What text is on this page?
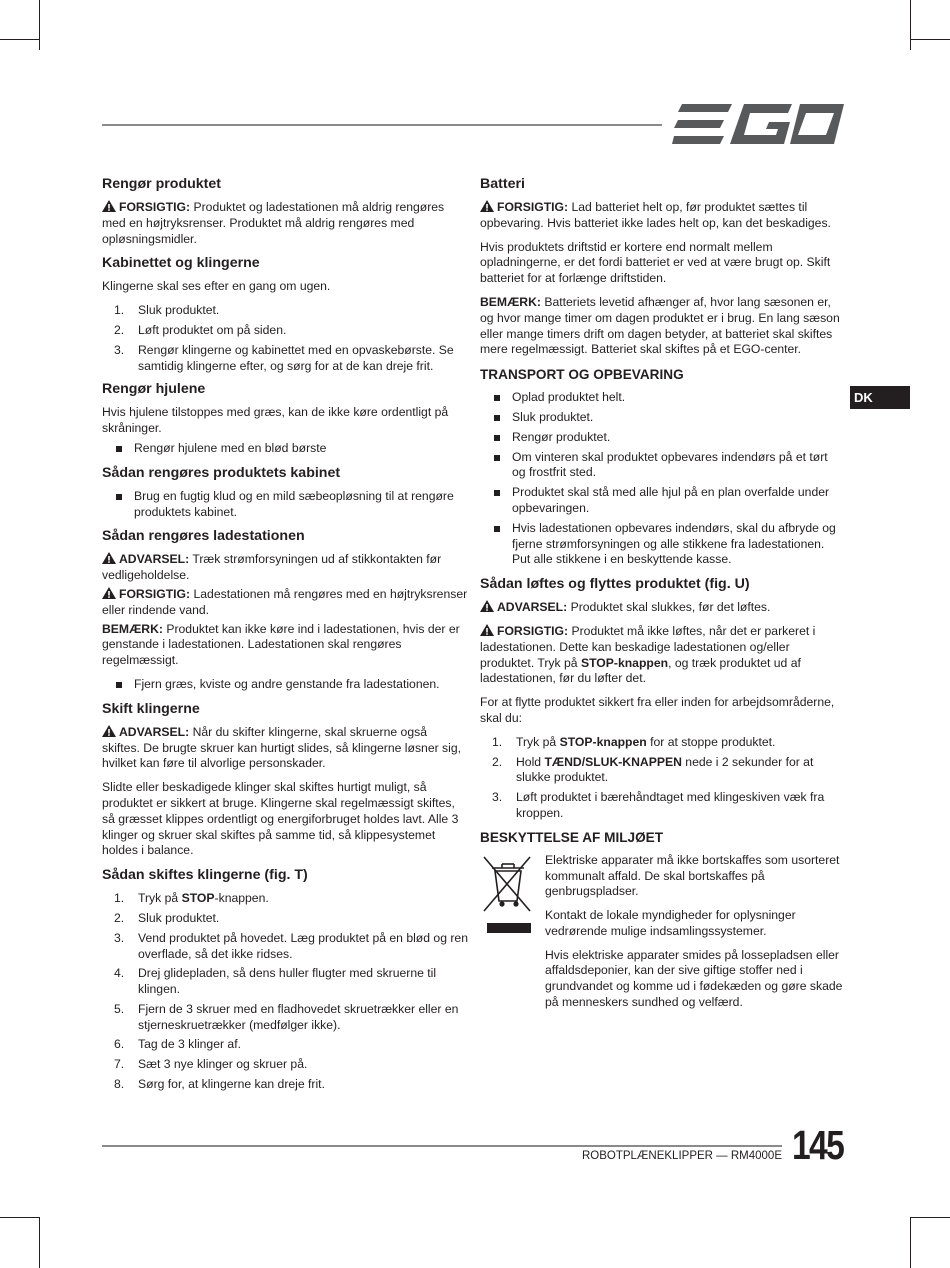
DK
Rengør produktet

FORSIGTIG: Produktet og ladestationen må aldrig rengøres med en højtryksrenser. Produktet må aldrig rengøres med opløsningsmidler.

Kabinettet og klingerne

Klingerne skal ses efter en gang om ugen.

1. Sluk produktet.
2. Løft produktet om på siden.
3. Rengør klingerne og kabinettet med en opvaskebørste. Se samtidig klingerne efter, og sørg for at de kan dreje frit.
Rengør hjulene

Hvis hjulene tilstoppes med græs, kan de ikke køre ordentligt på skråninger.

Rengør hjulene med en blød børste
Sådan rengøres produktets kabinet
Brug en fugtig klud og en mild sæbeopløsning til at rengøre produktets kabinet.
Sådan rengøres ladestationen

ADVARSEL: Træk strømforsyningen ud af stikkontakten før vedligeholdelse.

FORSIGTIG: Ladestationen må rengøres med en højtryksrenser eller rindende vand.

BEMÆRK: Produktet kan ikke køre ind i ladestationen, hvis der er genstande i ladestationen. Ladestationen skal rengøres regelmæssigt.

Fjern græs, kviste og andre genstande fra ladestationen.
Skift klingerne

ADVARSEL: Når du skifter klingerne, skal skruerne også skiftes. De brugte skruer kan hurtigt slides, så klingerne løsner sig, hvilket kan føre til alvorlige personskader.

Slidte eller beskadigede klinger skal skiftes hurtigt muligt, så produktet er sikkert at bruge. Klingerne skal regelmæssigt skiftes, så græsset klippes ordentligt og energiforbruget holdes lavt. Alle 3 klinger og skruer skal skiftes på samme tid, så klippesystemet holdes i balance.

Sådan skiftes klingerne (fig. T)
1. Tryk på STOP-knappen.
2. Sluk produktet.
3. Vend produktet på hovedet. Læg produktet på en blød og ren overflade, så det ikke ridses.
4. Drej glidepladen, så dens huller flugter med skruerne til klingen.
5. Fjern de 3 skruer med en fladhovedet skruetrækker eller en stjerneskruetrækker (medfølger ikke).
6. Tag de 3 klinger af.
7. Sæt 3 nye klinger og skruer på.
8. Sørg for, at klingerne kan dreje frit.
Batteri

FORSIGTIG: Lad batteriet helt op, før produktet sættes til opbevaring. Hvis batteriet ikke lades helt op, kan det beskadiges.

Hvis produktets driftstid er kortere end normalt mellem opladningerne, er det fordi batteriet er ved at være brugt op. Skift batteriet for at forlænge driftstiden.

BEMÆRK: Batteriets levetid afhænger af, hvor lang sæsonen er, og hvor mange timer om dagen produktet er i brug. En lang sæson eller mange timers drift om dagen betyder, at batteriet skal skiftes mere regelmæssigt. Batteriet skal skiftes på et EGO-center.

TRANSPORT OG OPBEVARING
Oplad produktet helt.
Sluk produktet.
Rengør produktet.
Om vinteren skal produktet opbevares indendørs på et tørt og frostfrit sted.
Produktet skal stå med alle hjul på en plan overfalde under opbevaringen.
Hvis ladestationen opbevares indendørs, skal du afbryde og fjerne strømforsyningen og alle stikkene fra ladestationen. Put alle stikkene i en beskyttende kasse.
Sådan løftes og flyttes produktet (fig. U)

ADVARSEL: Produktet skal slukkes, før det løftes.

FORSIGTIG: Produktet må ikke løftes, når det er parkeret i ladestationen. Dette kan beskadige ladestationen og/eller produktet. Tryk på STOP-knappen, og træk produktet ud af ladestationen, før du løfter det.

For at flytte produktet sikkert fra eller inden for arbejdsområderne, skal du:

1. Tryk på STOP-knappen for at stoppe produktet.
2. Hold TÆND/SLUK-KNAPPEN nede i 2 sekunder for at slukke produktet.
3. Løft produktet i bærehåndtaget med klingeskiven væk fra kroppen.
BESKYTTELSE AF MILJØET

Elektriske apparater må ikke bortskaffes som usorteret kommunalt affald. De skal bortskaffes på genbrugspladser.

Kontakt de lokale myndigheder for oplysninger vedrørende mulige indsamlingssystemer.

Hvis elektriske apparater smides på lossepladsen eller affaldsdeponier, kan der sive giftige stoffer ned i grundvandet og komme ud i fødekæden og gøre skade på menneskers sundhed og velfærd.

ROBOTPLÆNEKLIPPER — RM4000E 145
